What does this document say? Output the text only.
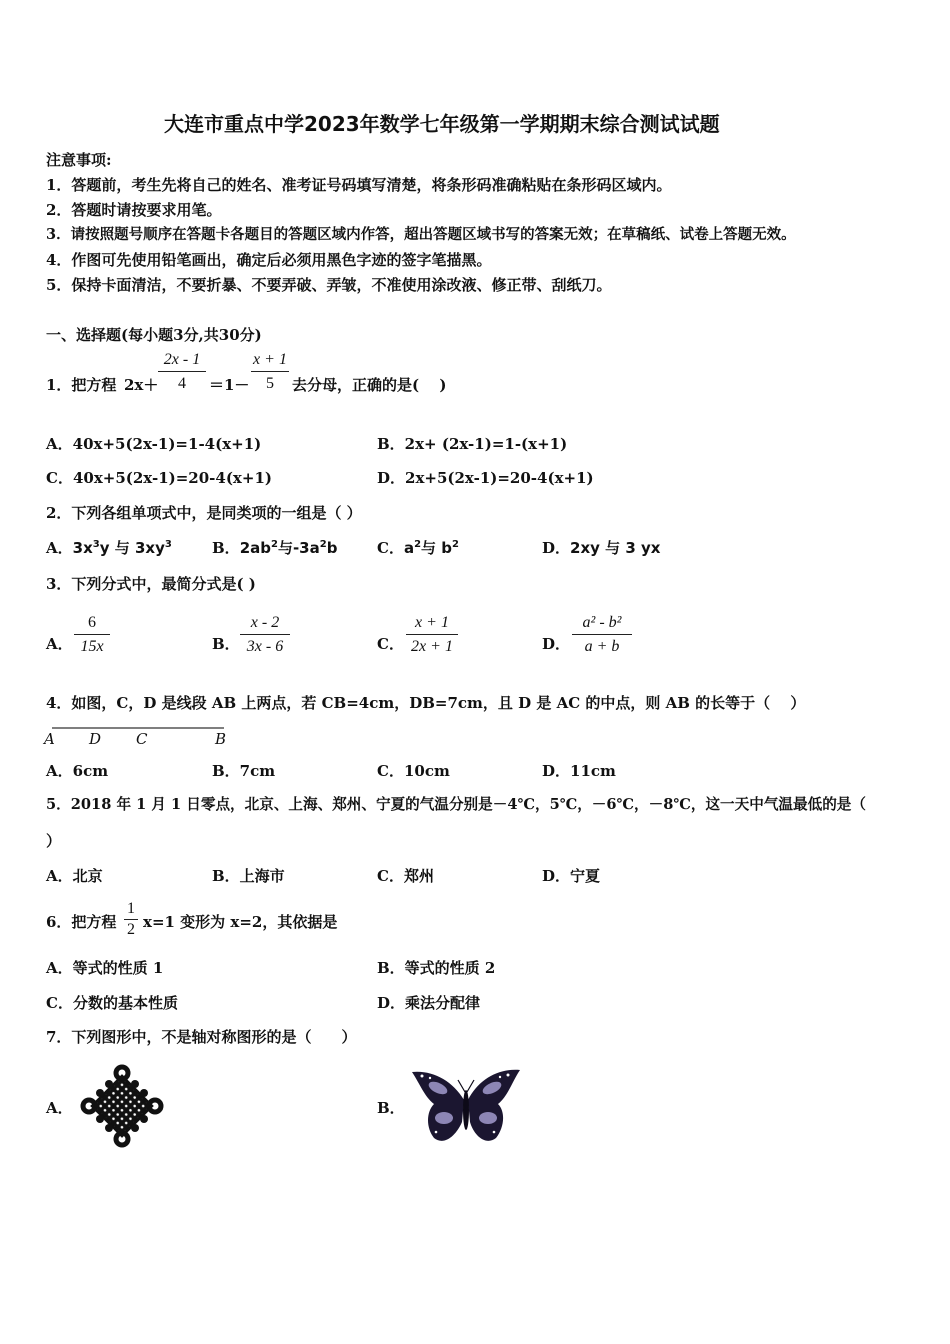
大连市重点中学2023年数学七年级第一学期期末综合测试试题
注意事项:
1．答题前，考生先将自己的姓名、准考证号码填写清楚，将条形码准确粘贴在条形码区域内。
2．答题时请按要求用笔。
3．请按照题号顺序在答题卡各题目的答题区域内作答，超出答题区域书写的答案无效；在草稿纸、试卷上答题无效。
4．作图可先使用铅笔画出，确定后必须用黑色字迹的签字笔描黑。
5．保持卡面清洁，不要折暴、不要弄破、弄皱，不准使用涂改液、修正带、刮纸刀。
一、选择题(每小题3分,共30分)
1．把方程 2x＋
2x - 1
4	＝1－
x + 1
5	去分母，正确的是(　 )
A．40x+5(2x-1)=1-4(x+1)	B．2x+ (2x-1)=1-(x+1)
C．40x+5(2x-1)=20-4(x+1)	D．2x+5(2x-1)=20-4(x+1)
2．下列各组单项式中，是同类项的一组是（ ）
A．$3x^3y$ 与 $3xy^3$	B．$2ab^2$与$-3a^2b$	C．$a^2$与 $b^2$	D．2xy 与 3 yx
3．下列分式中，最简分式是( )
A．
6
15x	B．
x - 2
3x - 6	C．
x + 1
2x + 1	D．
a² - b²
a + b
4．如图，C，D 是线段 AB 上两点，若 CB=4cm，DB=7cm，且 D 是 AC 的中点，则 AB 的长等于（　 ）
A D C	B
A．6cm	B．7cm	C．10cm	D．11cm
5．2018 年 1 月 1 日零点，北京、上海、郑州、宁夏的气温分别是－4℃，5℃，－6℃，－8℃，这一天中气温最低的是（
）
A．北京	B．上海市	C．郑州	D．宁夏
6．把方程
1
2 x=1 变形为 x=2，其依据是
A．等式的性质 1	B．等式的性质 2
C．分数的基本性质	D．乘法分配律
7．下列图形中，不是轴对称图形的是（　　）
A．	B．
